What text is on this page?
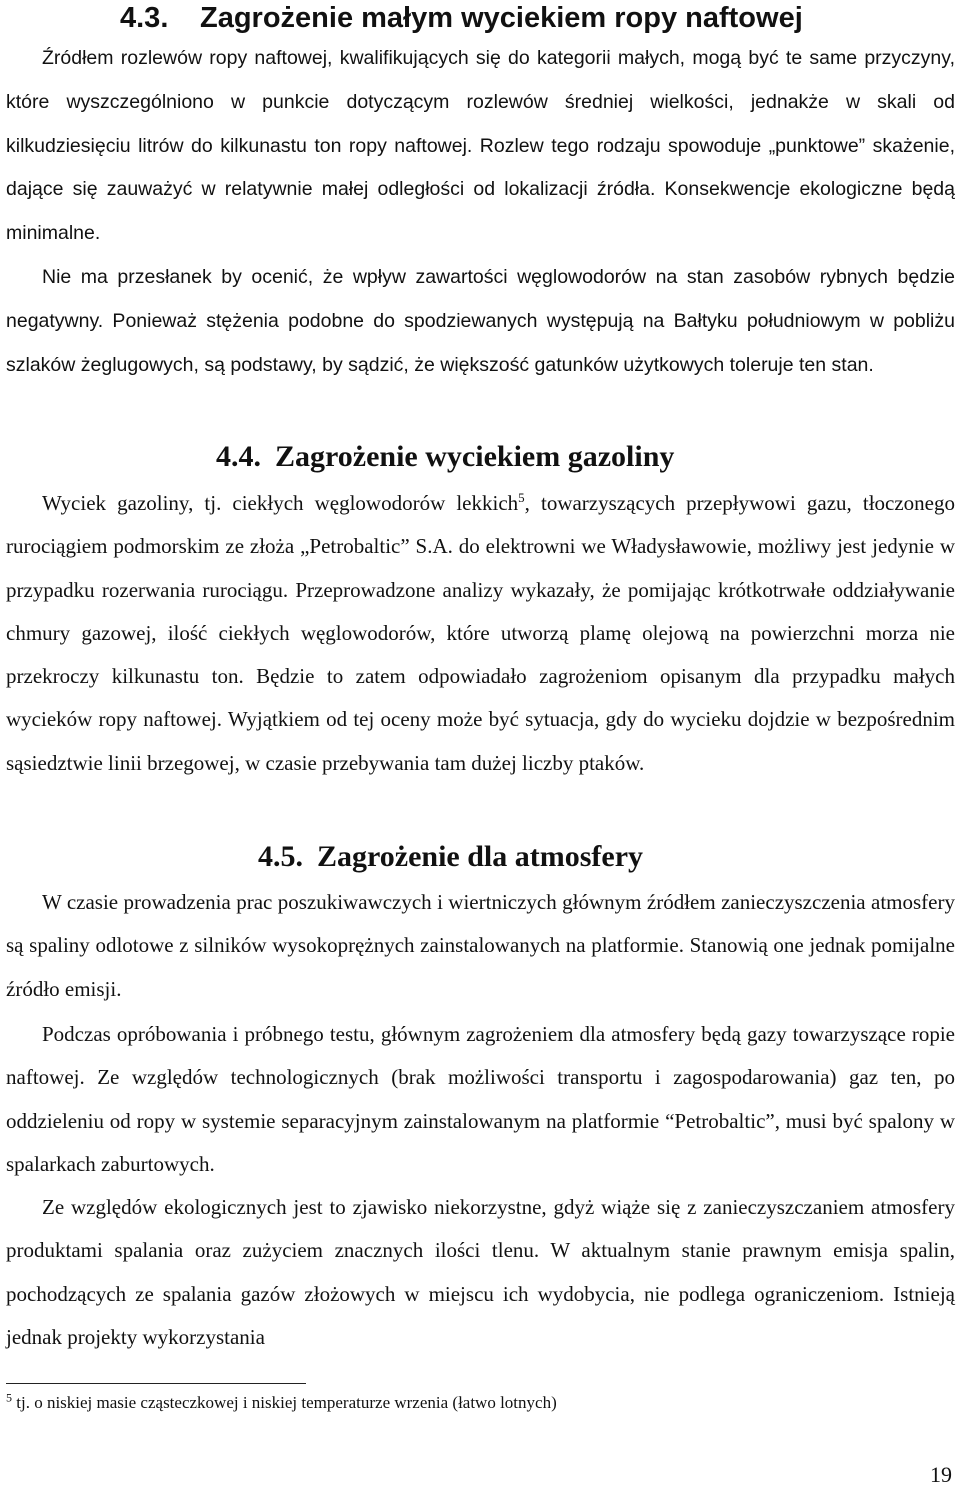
4.3. Zagrożenie małym wyciekiem ropy naftowej
Źródłem rozlewów ropy naftowej, kwalifikujących się do kategorii małych, mogą być te same przyczyny, które wyszczególniono w punkcie dotyczącym rozlewów średniej wielkości, jednakże w skali od kilkudziesięciu litrów do kilkunastu ton ropy naftowej. Rozlew tego rodzaju spowoduje „punktowe” skażenie, dające się zauważyć w relatywnie małej odległości od lokalizacji źródła. Konsekwencje ekologiczne będą minimalne.
Nie ma przesłanek by ocenić, że wpływ zawartości węglowodorów na stan zasobów rybnych będzie negatywny. Ponieważ stężenia podobne do spodziewanych występują na Bałtyku południowym w pobliżu szlaków żeglugowych, są podstawy, by sądzić, że większość gatunków użytkowych toleruje ten stan.
4.4. Zagrożenie wyciekiem gazoliny
Wyciek gazoliny, tj. ciekłych węglowodorów lekkich$^5$, towarzyszących przepływowi gazu, tłoczonego rurociągiem podmorskim ze złoża „Petrobaltic” S.A. do elektrowni we Władysławowie, możliwy jest jedynie w przypadku rozerwania rurociągu. Przeprowadzone analizy wykazały, że pomijając krótkotrwałe oddziaływanie chmury gazowej, ilość ciekłych węglowodorów, które utworzą plamę olejową na powierzchni morza nie przekroczy kilkunastu ton. Będzie to zatem odpowiadało zagrożeniom opisanym dla przypadku małych wycieków ropy naftowej. Wyjątkiem od tej oceny może być sytuacja, gdy do wycieku dojdzie w bezpośrednim sąsiedztwie linii brzegowej, w czasie przebywania tam dużej liczby ptaków.
4.5. Zagrożenie dla atmosfery
W czasie prowadzenia prac poszukiwawczych i wiertniczych głównym źródłem zanieczyszczenia atmosfery są spaliny odlotowe z silników wysokoprężnych zainstalowanych na platformie. Stanowią one jednak pomijalne źródło emisji.
Podczas opróbowania i próbnego testu, głównym zagrożeniem dla atmosfery będą gazy towarzyszące ropie naftowej. Ze względów technologicznych (brak możliwości transportu i zagospodarowania) gaz ten, po oddzieleniu od ropy w systemie separacyjnym zainstalowanym na platformie “Petrobaltic”, musi być spalony w spalarkach zaburtowych.
Ze względów ekologicznych jest to zjawisko niekorzystne, gdyż wiąże się z zanieczyszczaniem atmosfery produktami spalania oraz zużyciem znacznych ilości tlenu. W aktualnym stanie prawnym emisja spalin, pochodzących ze spalania gazów złożowych w miejscu ich wydobycia, nie podlega ograniczeniom. Istnieją jednak projekty wykorzystania
$^5$ tj. o niskiej masie cząsteczkowej i niskiej temperaturze wrzenia (łatwo lotnych)
19
